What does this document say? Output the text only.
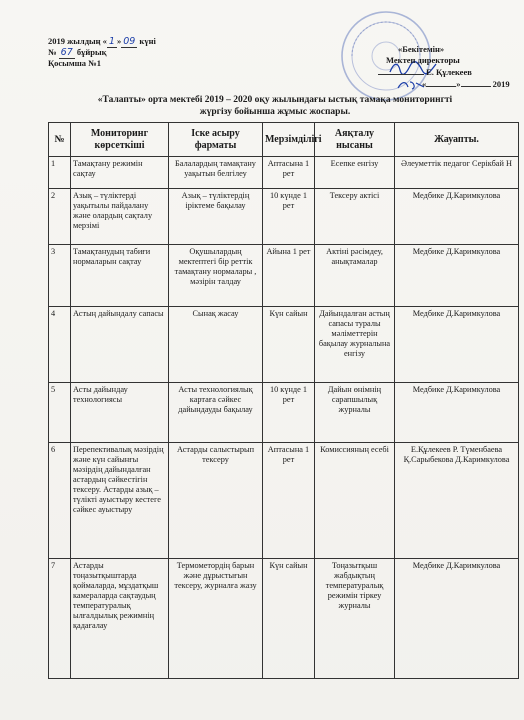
2019 жылдың « 1 » 09 күні
№ 67 бұйрық
Қосымша №1
«Бекітемін»
Мектеп директоры
Е. Құлекеев
«	»	2019
«Талапты» орта мектебі 2019 – 2020 оқу жылындағы ыстық тамақа мониторингті
жүргізу бойынша жұмыс жоспары.
№	Мониторинг көрсеткіші	Іске асыру фарматы	Мерзімділігі	Аяқталу нысаны	Жауапты.
1	Тамақтану режимін сақтау	Балалардың тамақтану уақытын белгілеу	Аптасына 1 рет	Есепке енгізу	Әлеуметтік педагог Серікбай Н
2	Азық – түліктерді уақытылы пайдалану және олардың сақталу мерзімі	Азық – түліктердің іріктеме бақылау	10 күнде 1 рет	Тексеру актісі	Медбике Д.Каримкулова
3	Тамақтанудың табиғи нормаларын сақтау	Оқушылардың мектептегі бір реттік тамақтану нормалары , мәзірін талдау	Айына 1 рет	Актіні рәсімдеу, анықтамалар	Медбике Д.Каримкулова
4	Астың дайындалу сапасы	Сынақ жасау	Күн сайын	Дайындалған астың сапасы туралы мәліметтерін бақылау журналына енгізу	Медбике Д.Каримкулова
5	Асты дайындау технологиясы	Асты технологиялық картаға сәйкес дайындауды бақылау	10 күнде 1 рет	Дайын өнімнің сарапшылық журналы	Медбике Д.Каримкулова
6	Перепективалық мәзірдің және күн сайынғы мәзірдің дайындалған астардың сәйкестігін тексеру. Астарды азық – түлікті ауыстыру кестеге сәйкес ауыстыру	Астарды салыстырып тексеру	Аптасына 1 рет	Комиссияның есебі	Е.Құлекеев Р. Түменбаева Қ.Сарыбекова Д.Каримкулова
7	Астарды тоңазытқыштарда қоймаларда, мұздатқыш камераларда сақтаудың температуралық ылғалдылық режимнің қадағалау	Термометордің барын және дұрыстығын тексеру, журналға жазу	Күн сайын	Тоңазытқыш жабдықтың температуралық режимін тіркеу журналы	Медбике Д.Каримкулова
